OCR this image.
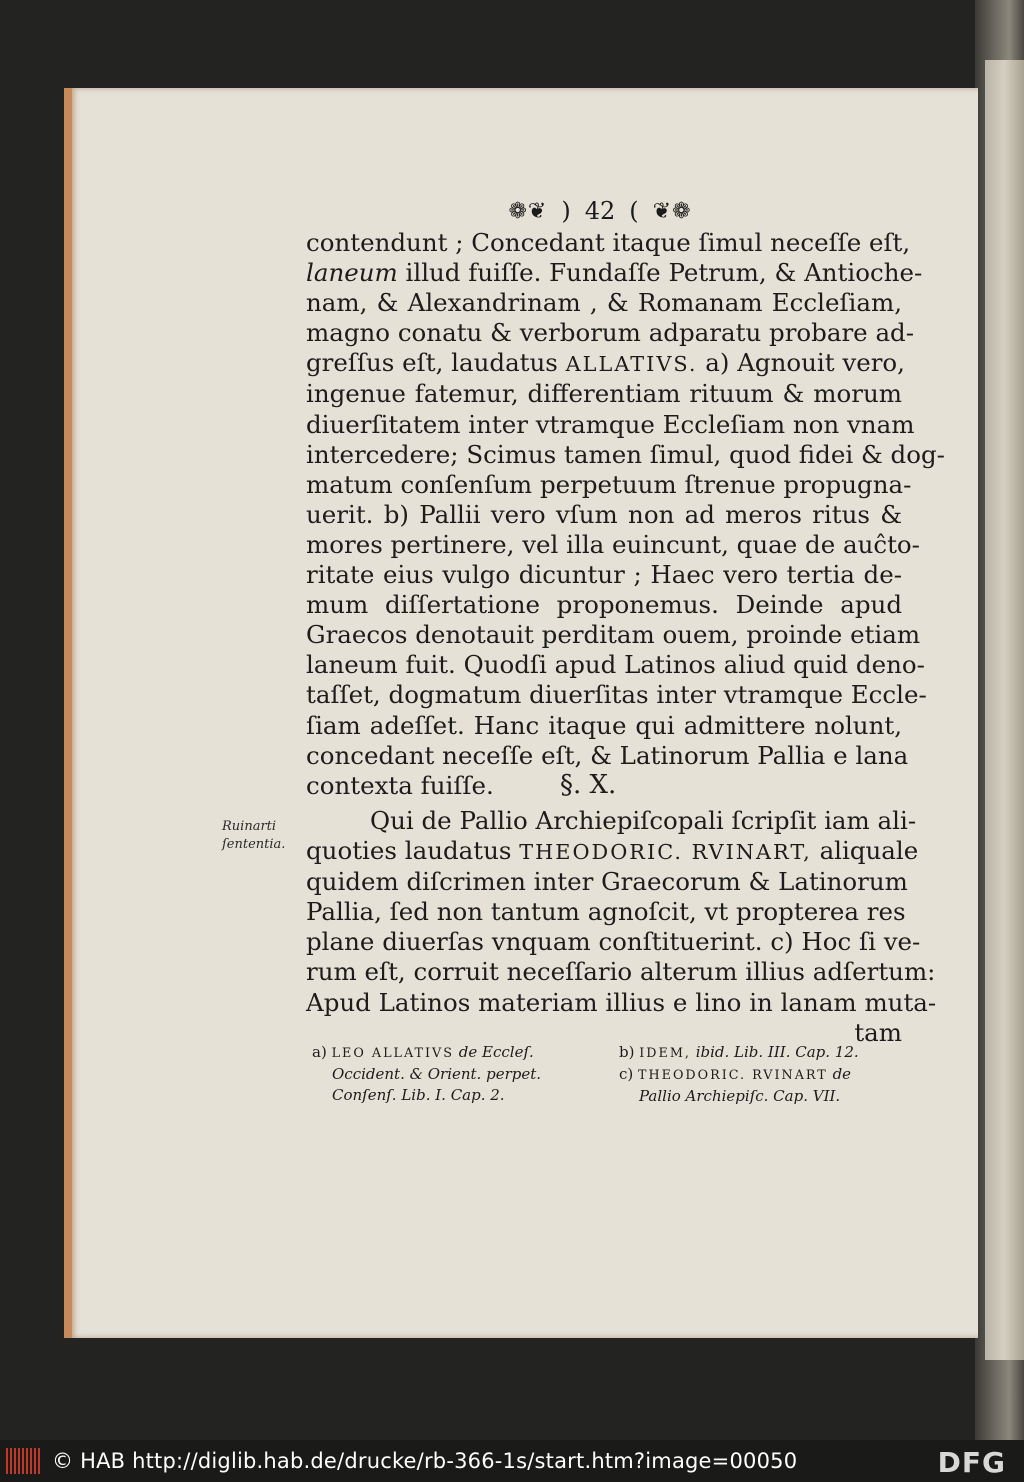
❁❦ ) 42 ( ❦❁
contendunt ; Concedant itaque ſimul neceſſe eſt,
laneum illud fuiſſe. Fundaſſe Petrum, & Antioche-
nam, & Alexandrinam , & Romanam Eccleſiam,
magno conatu & verborum adparatu probare ad-
greſſus eſt, laudatus ALLATIVS. a) Agnouit vero,
ingenue fatemur, differentiam rituum & morum
diuerſitatem inter vtramque Eccleſiam non vnam
intercedere; Scimus tamen ſimul, quod fidei & dog-
matum conſenſum perpetuum ſtrenue propugna-
uerit. b) Pallii vero vſum non ad meros ritus &
mores pertinere, vel illa euincunt, quae de auĉto-
ritate eius vulgo dicuntur ; Haec vero tertia de-
mum diſſertatione proponemus. Deinde apud
Graecos denotauit perditam ouem, proinde etiam
laneum fuit. Quodſi apud Latinos aliud quid deno-
taſſet, dogmatum diuerſitas inter vtramque Eccle-
ſiam adeſſet. Hanc itaque qui admittere nolunt,
concedant neceſſe eſt, & Latinorum Pallia e lana
contexta fuiſſe.	§. X.
Ruinarti
ſententia.
Qui de Pallio Archiepiſcopali ſcripſit iam ali-
quoties laudatus THEODORIC. RVINART, aliquale
quidem diſcrimen inter Graecorum & Latinorum
Pallia, ſed non tantum agnoſcit, vt propterea res
plane diuerſas vnquam conſtituerint. c) Hoc ſi ve-
rum eſt, corruit neceſſario alterum illius adſertum:
Apud Latinos materiam illius e lino in lanam muta-
tam
a) LEO ALLATIVS de Eccleſ.
Occident. & Orient. perpet.
Conſenſ. Lib. I. Cap. 2.
b) IDEM, ibid. Lib. III. Cap. 12.
c) THEODORIC. RVINART de
Pallio Archiepiſc. Cap. VII.
© HAB http://diglib.hab.de/drucke/rb-366-1s/start.htm?image=00050	DFG
